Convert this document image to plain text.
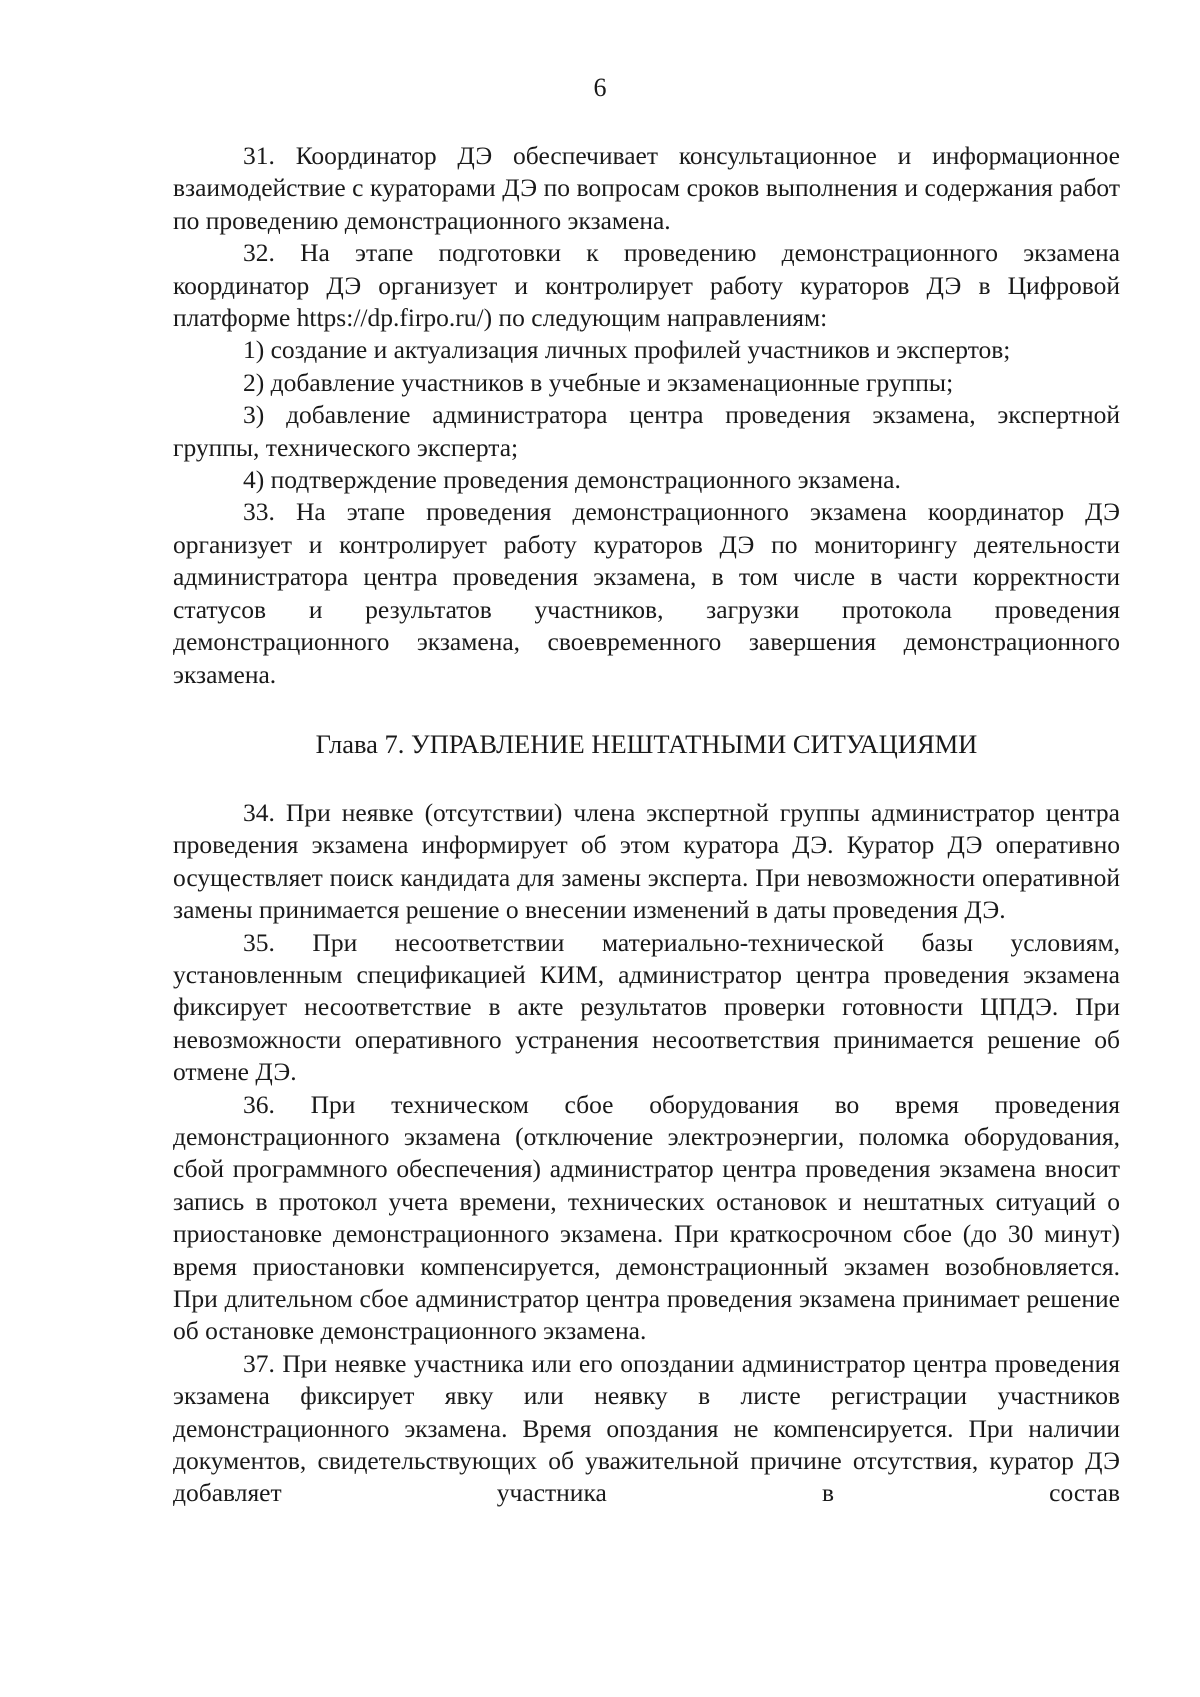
6

31. Координатор ДЭ обеспечивает консультационное и информационное взаимодействие с кураторами ДЭ по вопросам сроков выполнения и содержания работ по проведению демонстрационного экзамена.

32. На этапе подготовки к проведению демонстрационного экзамена координатор ДЭ организует и контролирует работу кураторов ДЭ в Цифровой платформе https://dp.firpo.ru/) по следующим направлениям:

1) создание и актуализация личных профилей участников и экспертов;

2) добавление участников в учебные и экзаменационные группы;

3) добавление администратора центра проведения экзамена, экспертной группы, технического эксперта;

4) подтверждение проведения демонстрационного экзамена.

33. На этапе проведения демонстрационного экзамена координатор ДЭ организует и контролирует работу кураторов ДЭ по мониторингу деятельности администратора центра проведения экзамена, в том числе в части корректности статусов и результатов участников, загрузки протокола проведения демонстрационного экзамена, своевременного завершения демонстрационного экзамена.

Глава 7. УПРАВЛЕНИЕ НЕШТАТНЫМИ СИТУАЦИЯМИ

34. При неявке (отсутствии) члена экспертной группы администратор центра проведения экзамена информирует об этом куратора ДЭ. Куратор ДЭ оперативно осуществляет поиск кандидата для замены эксперта. При невозможности оперативной замены принимается решение о внесении изменений в даты проведения ДЭ.

35. При несоответствии материально-технической базы условиям, установленным спецификацией КИМ, администратор центра проведения экзамена фиксирует несоответствие в акте результатов проверки готовности ЦПДЭ. При невозможности оперативного устранения несоответствия принимается решение об отмене ДЭ.

36. При техническом сбое оборудования во время проведения демонстрационного экзамена (отключение электроэнергии, поломка оборудования, сбой программного обеспечения) администратор центра проведения экзамена вносит запись в протокол учета времени, технических остановок и нештатных ситуаций о приостановке демонстрационного экзамена. При краткосрочном сбое (до 30 минут) время приостановки компенсируется, демонстрационный экзамен возобновляется. При длительном сбое администратор центра проведения экзамена принимает решение об остановке демонстрационного экзамена.

37. При неявке участника или его опоздании администратор центра проведения экзамена фиксирует явку или неявку в листе регистрации участников демонстрационного экзамена. Время опоздания не компенсируется. При наличии документов, свидетельствующих об уважительной причине отсутствия, куратор ДЭ добавляет участника в состав
